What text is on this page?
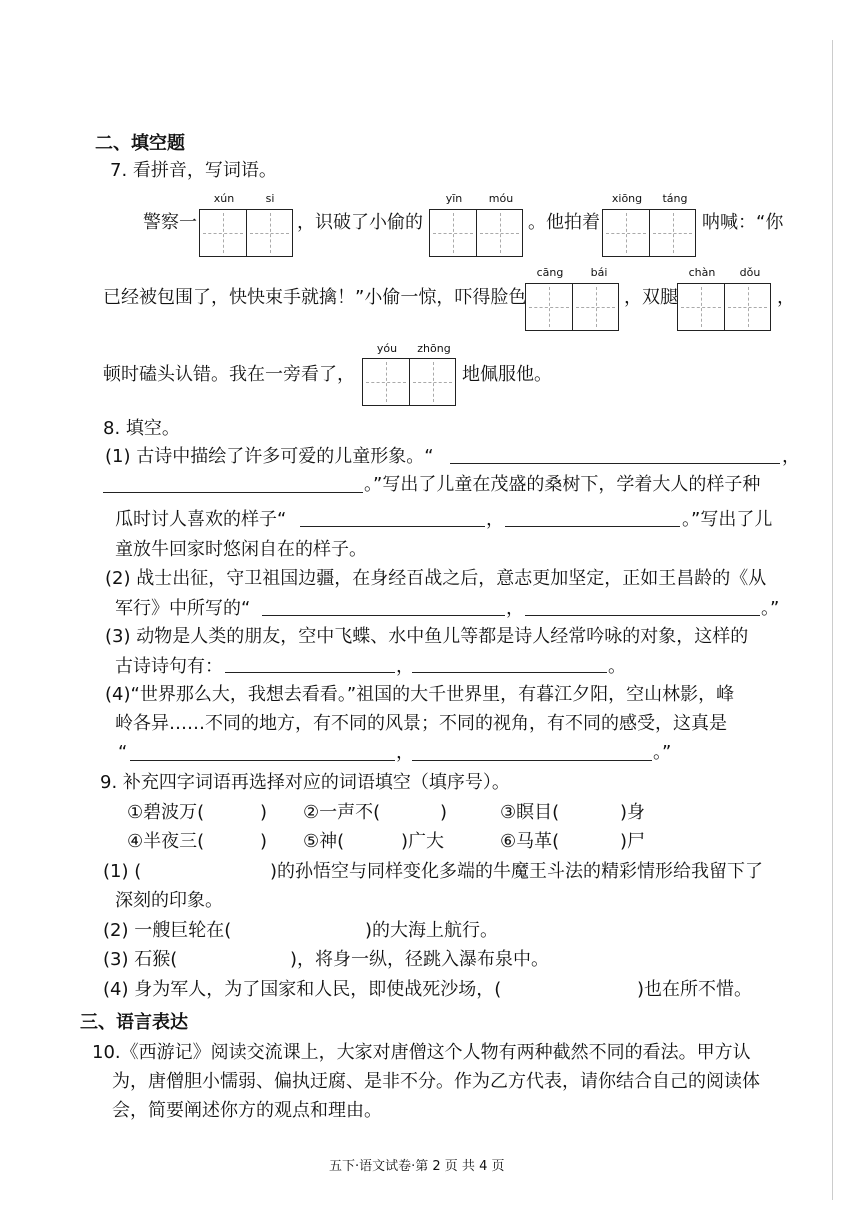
二、填空题
7. 看拼音，写词语。
xún	si	yīn	móu	xiōng	táng
警察一	，识破了小偷的	。他拍着	呐喊：“你
cāng	bái	chàn	dǒu
已经被包围了，快快束手就擒！”小偷一惊，吓得脸色	，双腿	，
yóu	zhōng
顿时磕头认错。我在一旁看了，	地佩服他。
8. 填空。
(1) 古诗中描绘了许多可爱的儿童形象。“	，
。”写出了儿童在茂盛的桑树下，学着大人的样子种
瓜时讨人喜欢的样子“	，	。”写出了儿
童放牛回家时悠闲自在的样子。
(2) 战士出征，守卫祖国边疆，在身经百战之后，意志更加坚定，正如王昌龄的《从
军行》中所写的“	，	。”
(3) 动物是人类的朋友，空中飞蝶、水中鱼儿等都是诗人经常吟咏的对象，这样的
古诗诗句有：	，	。
(4)“世界那么大，我想去看看。”祖国的大千世界里，有暮江夕阳，空山林影，峰
岭各异……不同的地方，有不同的风景；不同的视角，有不同的感受，这真是
“	，	。”
9. 补充四字词语再选择对应的词语填空（填序号）。
①碧波万(	) ②一声不(	)	③瞑目(	)身
④半夜三(	) ⑤神(	)广大	⑥马革(	)尸
(1) (	)的孙悟空与同样变化多端的牛魔王斗法的精彩情形给我留下了
深刻的印象。
(2) 一艘巨轮在(	)的大海上航行。
(3) 石猴(	)，将身一纵，径跳入瀑布泉中。
(4) 身为军人，为了国家和人民，即使战死沙场，(	)也在所不惜。
三、语言表达
10.《西游记》阅读交流课上，大家对唐僧这个人物有两种截然不同的看法。甲方认
为，唐僧胆小懦弱、偏执迂腐、是非不分。作为乙方代表，请你结合自己的阅读体
会，简要阐述你方的观点和理由。
五下·语文试卷·第 2 页 共 4 页
